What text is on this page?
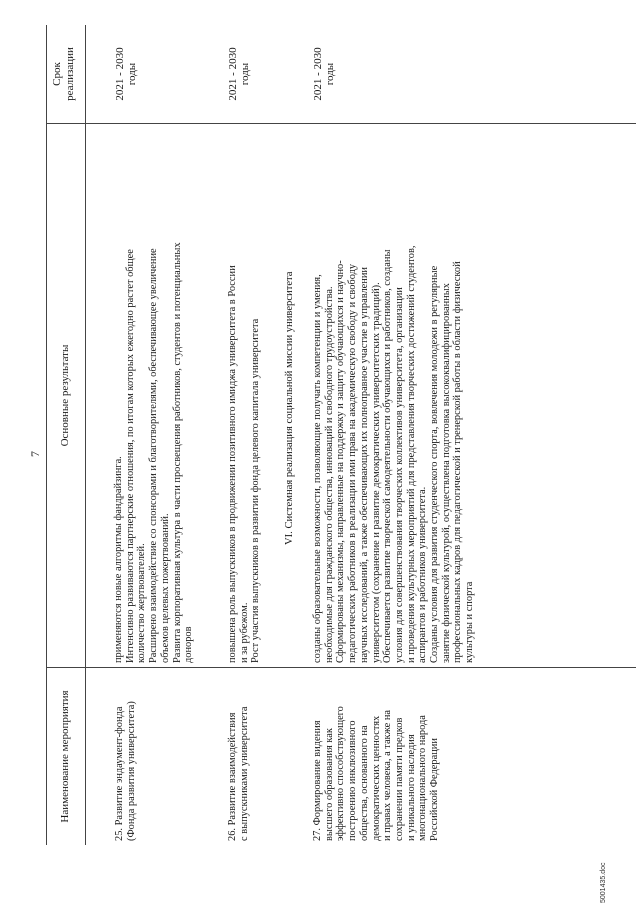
7
Наименование мероприятия
Основные результаты
Срок реализации
25. Развитие эндаумент-фонда (Фонда развития университета)
применяются новые алгоритмы фандрайзинга. Интенсивно развиваются партнерские отношения, по итогам которых ежегодно растет общее количество жертвователей. Расширено взаимодействие со спонсорами и благотворителями, обеспечивающее увеличение объемов целевых пожертвований. Развита корпоративная культура в части просвещения работников, студентов и потенциальных доноров
2021 - 2030 годы
26. Развитие взаимодействия с выпускниками университета
повышена роль выпускников в продвижении позитивного имиджа университета в России и за рубежом. Рост участия выпускников в развитии фонда целевого капитала университета
2021 - 2030 годы
VI. Системная реализация социальной миссии университета
27. Формирование видения высшего образования как эффективно способствующего построению инклюзивного общества, основанного на демократических ценностях и правах человека, а также на сохранении памяти предков и уникального наследия многонационального народа Российской Федерации
созданы образовательные возможности, позволяющие получать компетенции и умения, необходимые для гражданского общества, инноваций и свободного трудоустройства. Сформированы механизмы, направленные на поддержку и защиту обучающихся и научно- педагогических работников в реализации ими права на академическую свободу и свободу научных исследований, а также обеспечивающих их полноправное участие в управлении университетом (сохранение и развитие демократических университетских традиций). Обеспечивается развитие творческой самодеятельности обучающихся и работников, созданы условия для совершенствования творческих коллективов университета, организации и проведения культурных мероприятий для представления творческих достижений студентов, аспирантов и работников университета. Созданы условия для развития студенческого спорта, вовлечения молодежи в регулярные занятие физической культурой, осуществлена подготовка высококвалифицированных профессиональных кадров для педагогической и тренерской работы в области физической культуры и спорта
2021 - 2030 годы
5001435.doc
